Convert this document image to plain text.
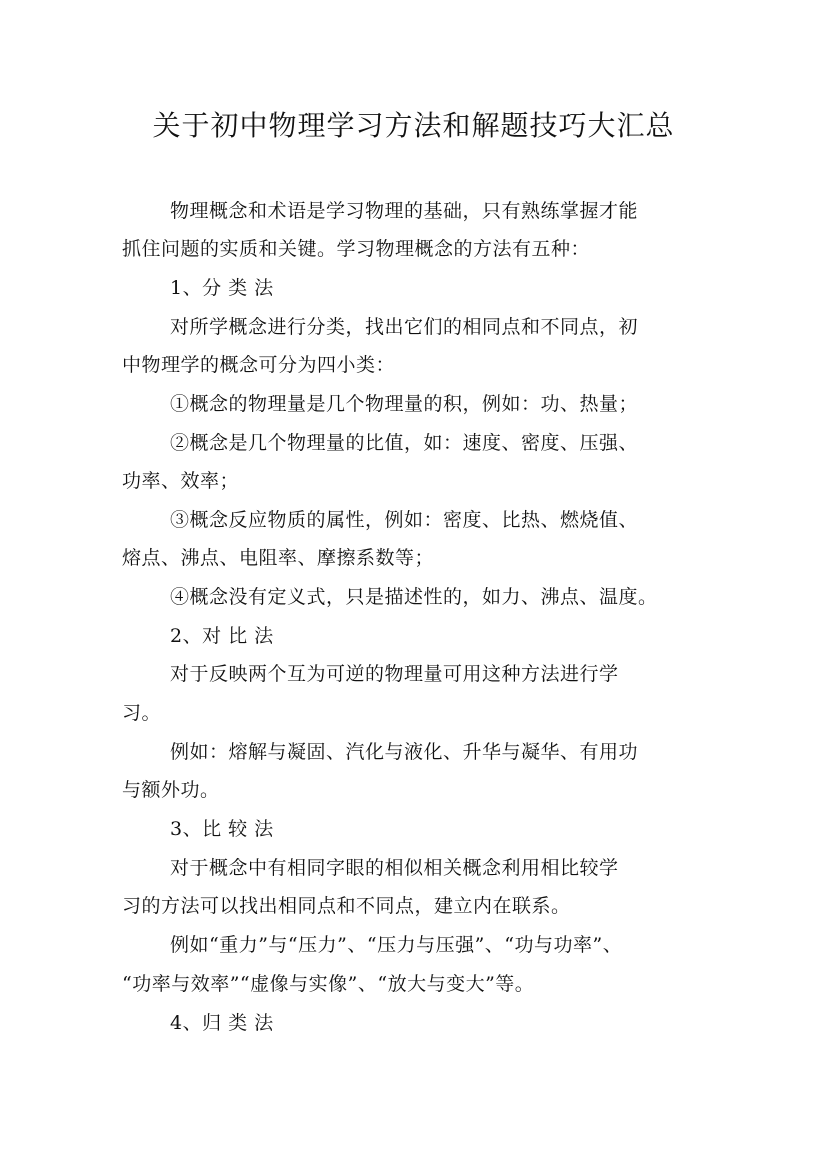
关于初中物理学习方法和解题技巧大汇总
物理概念和术语是学习物理的基础，只有熟练掌握才能
抓住问题的实质和关键。学习物理概念的方法有五种：
1、分 类 法
对所学概念进行分类，找出它们的相同点和不同点，初
中物理学的概念可分为四小类：
①概念的物理量是几个物理量的积，例如：功、热量；
②概念是几个物理量的比值，如：速度、密度、压强、
功率、效率；
③概念反应物质的属性，例如：密度、比热、燃烧值、
熔点、沸点、电阻率、摩擦系数等；
④概念没有定义式，只是描述性的，如力、沸点、温度。
2、对 比 法
对于反映两个互为可逆的物理量可用这种方法进行学
习。
例如：熔解与凝固、汽化与液化、升华与凝华、有用功
与额外功。
3、比 较 法
对于概念中有相同字眼的相似相关概念利用相比较学
习的方法可以找出相同点和不同点，建立内在联系。
例如“重力”与“压力”、“压力与压强”、“功与功率”、
“功率与效率”“虚像与实像”、“放大与变大”等。
4、归 类 法
